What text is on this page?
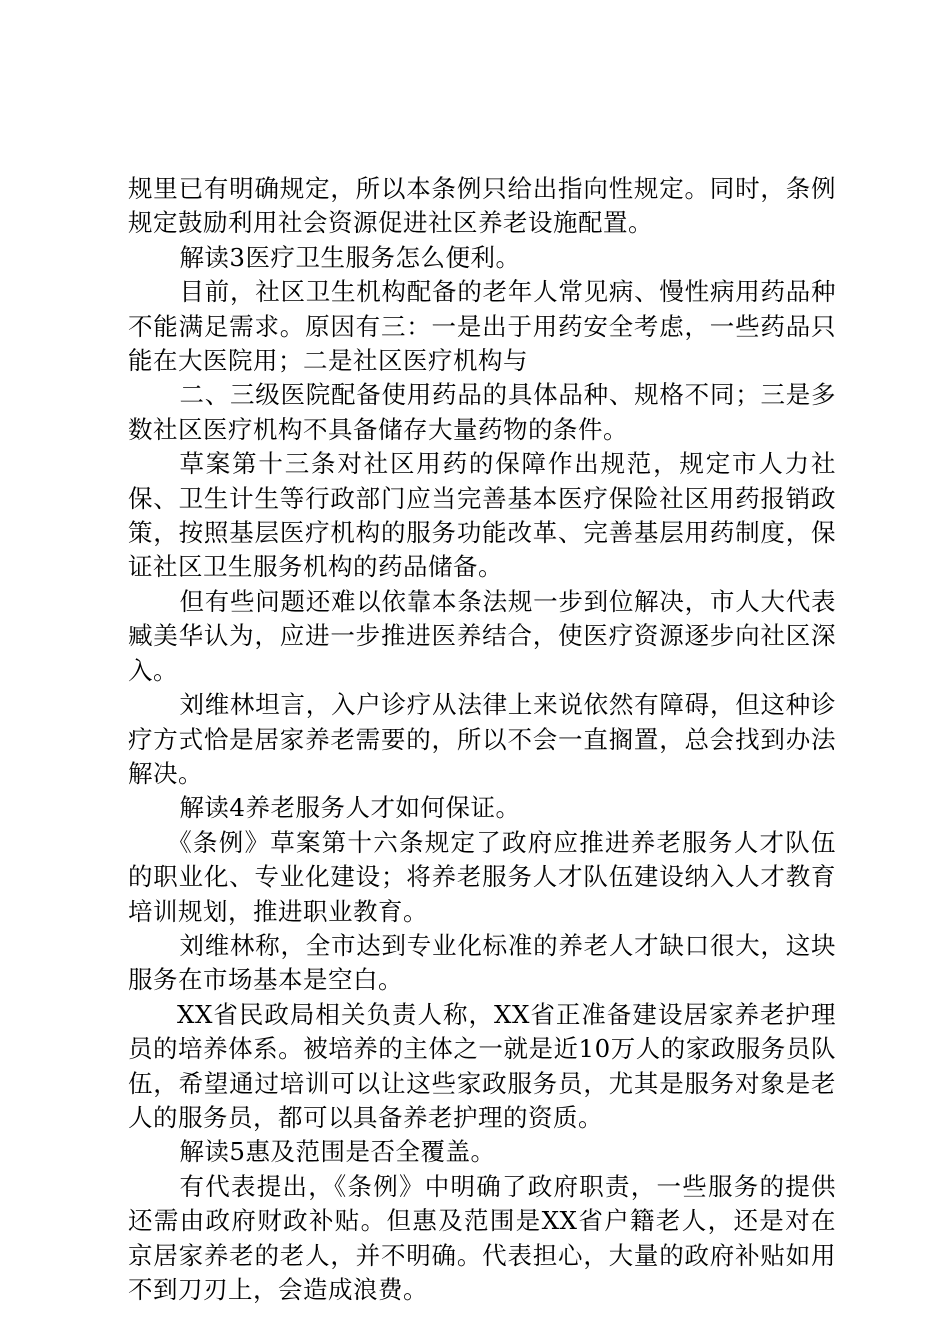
规里已有明确规定，所以本条例只给出指向性规定。同时，条例规定鼓励利用社会资源促进社区养老设施配置。

解读3医疗卫生服务怎么便利。

目前，社区卫生机构配备的老年人常见病、慢性病用药品种不能满足需求。原因有三：一是出于用药安全考虑，一些药品只能在大医院用；二是社区医疗机构与

二、三级医院配备使用药品的具体品种、规格不同；三是多数社区医疗机构不具备储存大量药物的条件。

草案第十三条对社区用药的保障作出规范，规定市人力社保、卫生计生等行政部门应当完善基本医疗保险社区用药报销政策，按照基层医疗机构的服务功能改革、完善基层用药制度，保证社区卫生服务机构的药品储备。

但有些问题还难以依靠本条法规一步到位解决，市人大代表臧美华认为，应进一步推进医养结合，使医疗资源逐步向社区深入。

刘维林坦言，入户诊疗从法律上来说依然有障碍，但这种诊疗方式恰是居家养老需要的，所以不会一直搁置，总会找到办法解决。

解读4养老服务人才如何保证。

《条例》草案第十六条规定了政府应推进养老服务人才队伍的职业化、专业化建设；将养老服务人才队伍建设纳入人才教育培训规划，推进职业教育。

刘维林称，全市达到专业化标准的养老人才缺口很大，这块服务在市场基本是空白。

XX省民政局相关负责人称，XX省正准备建设居家养老护理员的培养体系。被培养的主体之一就是近10万人的家政服务员队伍，希望通过培训可以让这些家政服务员，尤其是服务对象是老人的服务员，都可以具备养老护理的资质。

解读5惠及范围是否全覆盖。

有代表提出，《条例》中明确了政府职责，一些服务的提供还需由政府财政补贴。但惠及范围是XX省户籍老人，还是对在京居家养老的老人，并不明确。代表担心，大量的政府补贴如用不到刀刃上，会造成浪费。
